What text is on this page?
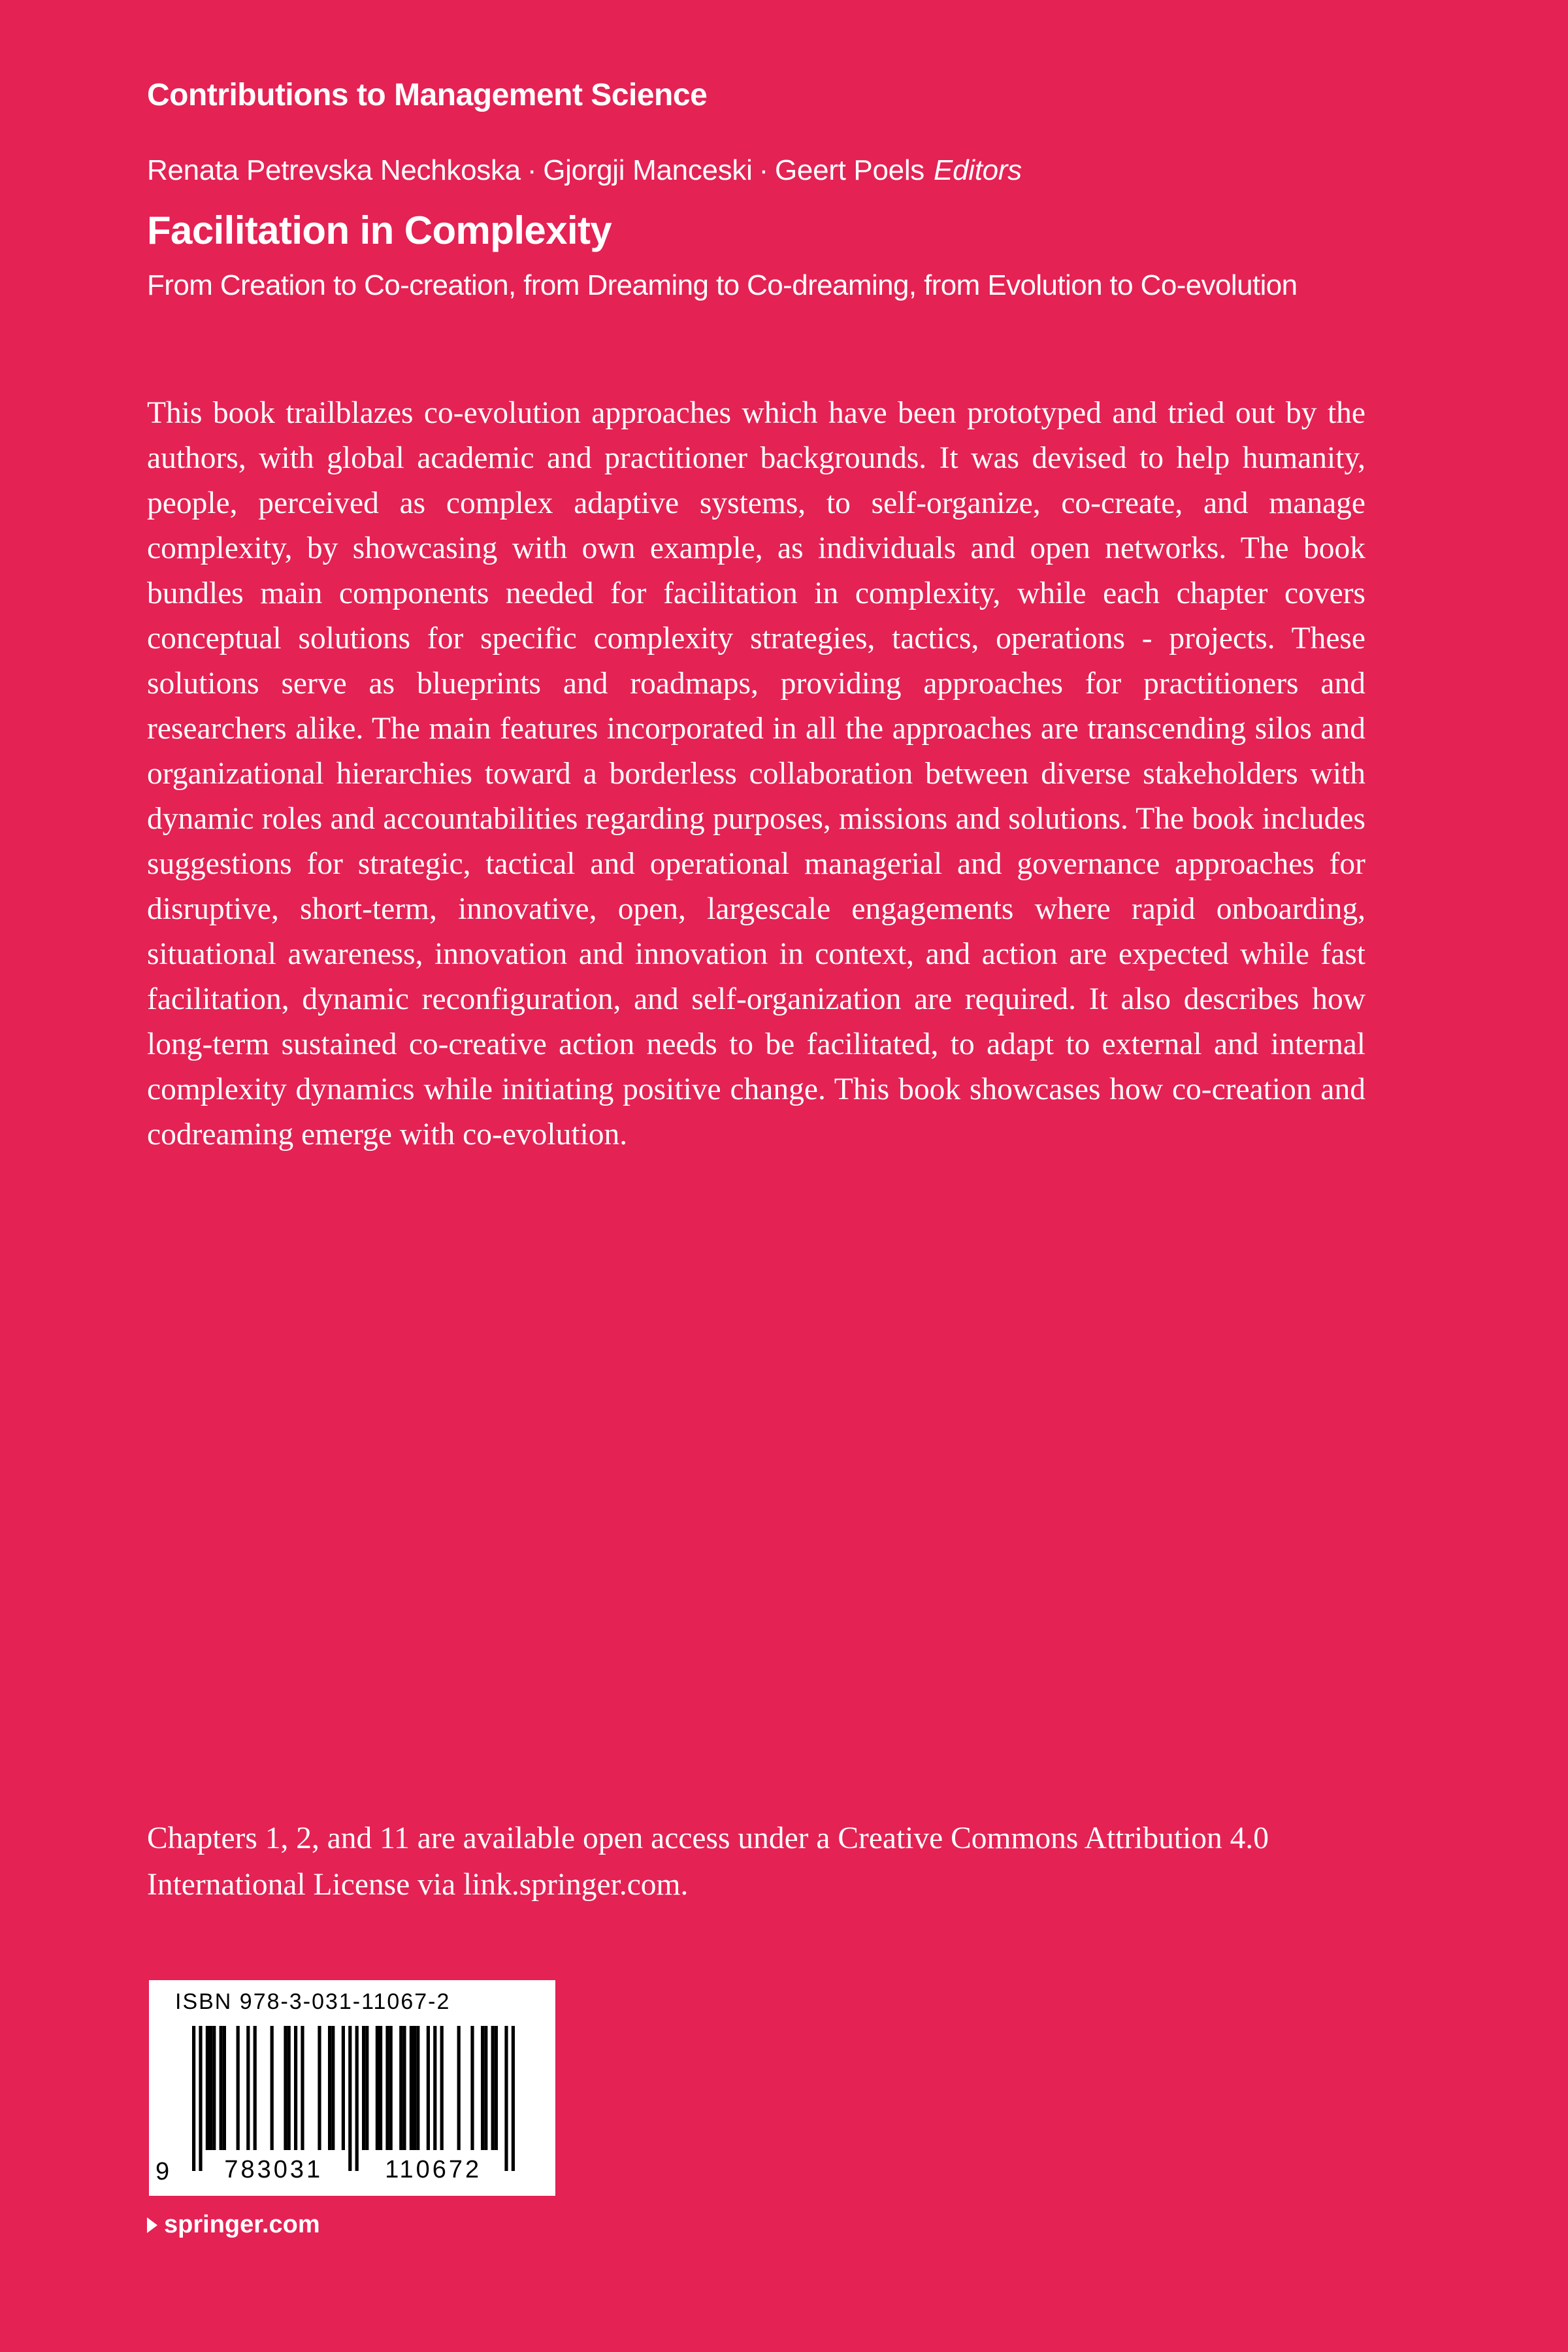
Contributions to Management Science
Renata Petrevska Nechkoska · Gjorgji Manceski · Geert Poels Editors
Facilitation in Complexity
From Creation to Co-creation, from Dreaming to Co-dreaming, from Evolution to Co-evolution

This book trailblazes co-evolution approaches which have been prototyped and tried out by the authors, with global academic and practitioner backgrounds. It was devised to help humanity, people, perceived as complex adaptive systems, to self-organize, co-create, and manage complexity, by showcasing with own example, as individuals and open networks. The book bundles main components needed for facilitation in complexity, while each chapter covers conceptual solutions for specific complexity strategies, tactics, operations - projects. These solutions serve as blueprints and roadmaps, providing approaches for practitioners and researchers alike. The main features incorporated in all the approaches are transcending silos and organizational hierarchies toward a borderless collaboration between diverse stakeholders with dynamic roles and accountabilities regarding purposes, missions and solutions. The book includes suggestions for strategic, tactical and operational managerial and governance approaches for disruptive, short-term, innovative, open, largescale engagements where rapid onboarding, situational awareness, innovation and innovation in context, and action are expected while fast facilitation, dynamic reconfiguration, and self-organization are required. It also describes how long-term sustained co-creative action needs to be facilitated, to adapt to external and internal complexity dynamics while initiating positive change. This book showcases how co-creation and codreaming emerge with co-evolution.

Chapters 1, 2, and 11 are available open access under a Creative Commons Attribution 4.0 International License via link.springer.com.

ISBN 978-3-031-11067-2
783031	110672
9
springer.com
